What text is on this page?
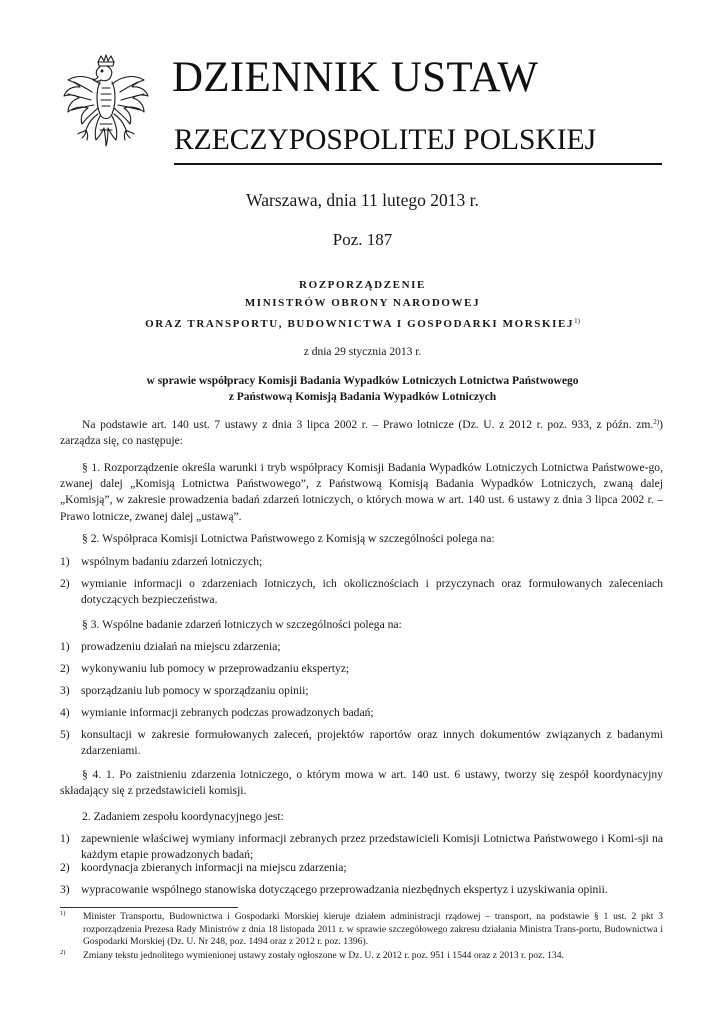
DZIENNIK USTAW
RZECZYPOSPOLITEJ POLSKIEJ
Warszawa, dnia 11 lutego 2013 r.
Poz. 187
ROZPORZĄDZENIE
MINISTRÓW OBRONY NARODOWEJ
ORAZ TRANSPORTU, BUDOWNICTWA I GOSPODARKI MORSKIEJ$^{1)}$
z dnia 29 stycznia 2013 r.
w sprawie współpracy Komisji Badania Wypadków Lotniczych Lotnictwa Państwowego
z Państwową Komisją Badania Wypadków Lotniczych
Na podstawie art. 140 ust. 7 ustawy z dnia 3 lipca 2002 r. – Prawo lotnicze (Dz. U. z 2012 r. poz. 933, z późn. zm.$^{2)}$) zarządza się, co następuje:
§ 1. Rozporządzenie określa warunki i tryb współpracy Komisji Badania Wypadków Lotniczych Lotnictwa Państwowe-go, zwanej dalej „Komisją Lotnictwa Państwowego”, z Państwową Komisją Badania Wypadków Lotniczych, zwaną dalej „Komisją”, w zakresie prowadzenia badań zdarzeń lotniczych, o których mowa w art. 140 ust. 6 ustawy z dnia 3 lipca 2002 r. – Prawo lotnicze, zwanej dalej „ustawą”.
§ 2. Współpraca Komisji Lotnictwa Państwowego z Komisją w szczególności polega na:
1) wspólnym badaniu zdarzeń lotniczych;
2) wymianie informacji o zdarzeniach lotniczych, ich okolicznościach i przyczynach oraz formułowanych zaleceniach dotyczących bezpieczeństwa.
§ 3. Wspólne badanie zdarzeń lotniczych w szczególności polega na:
1) prowadzeniu działań na miejscu zdarzenia;
2) wykonywaniu lub pomocy w przeprowadzaniu ekspertyz;
3) sporządzaniu lub pomocy w sporządzaniu opinii;
4) wymianie informacji zebranych podczas prowadzonych badań;
5) konsultacji w zakresie formułowanych zaleceń, projektów raportów oraz innych dokumentów związanych z badanymi zdarzeniami.
§ 4. 1. Po zaistnieniu zdarzenia lotniczego, o którym mowa w art. 140 ust. 6 ustawy, tworzy się zespół koordynacyjny składający się z przedstawicieli komisji.
2. Zadaniem zespołu koordynacyjnego jest:
1) zapewnienie właściwej wymiany informacji zebranych przez przedstawicieli Komisji Lotnictwa Państwowego i Komi-sji na każdym etapie prowadzonych badań;
2) koordynacja zbieranych informacji na miejscu zdarzenia;
3) wypracowanie wspólnego stanowiska dotyczącego przeprowadzania niezbędnych ekspertyz i uzyskiwania opinii.
1) Minister Transportu, Budownictwa i Gospodarki Morskiej kieruje działem administracji rządowej – transport, na podstawie § 1 ust. 2 pkt 3 rozporządzenia Prezesa Rady Ministrów z dnia 18 listopada 2011 r. w sprawie szczegółowego zakresu działania Ministra Trans-portu, Budownictwa i Gospodarki Morskiej (Dz. U. Nr 248, poz. 1494 oraz z 2012 r. poz. 1396).
2) Zmiany tekstu jednolitego wymienionej ustawy zostały ogłoszone w Dz. U. z 2012 r. poz. 951 i 1544 oraz z 2013 r. poz. 134.
